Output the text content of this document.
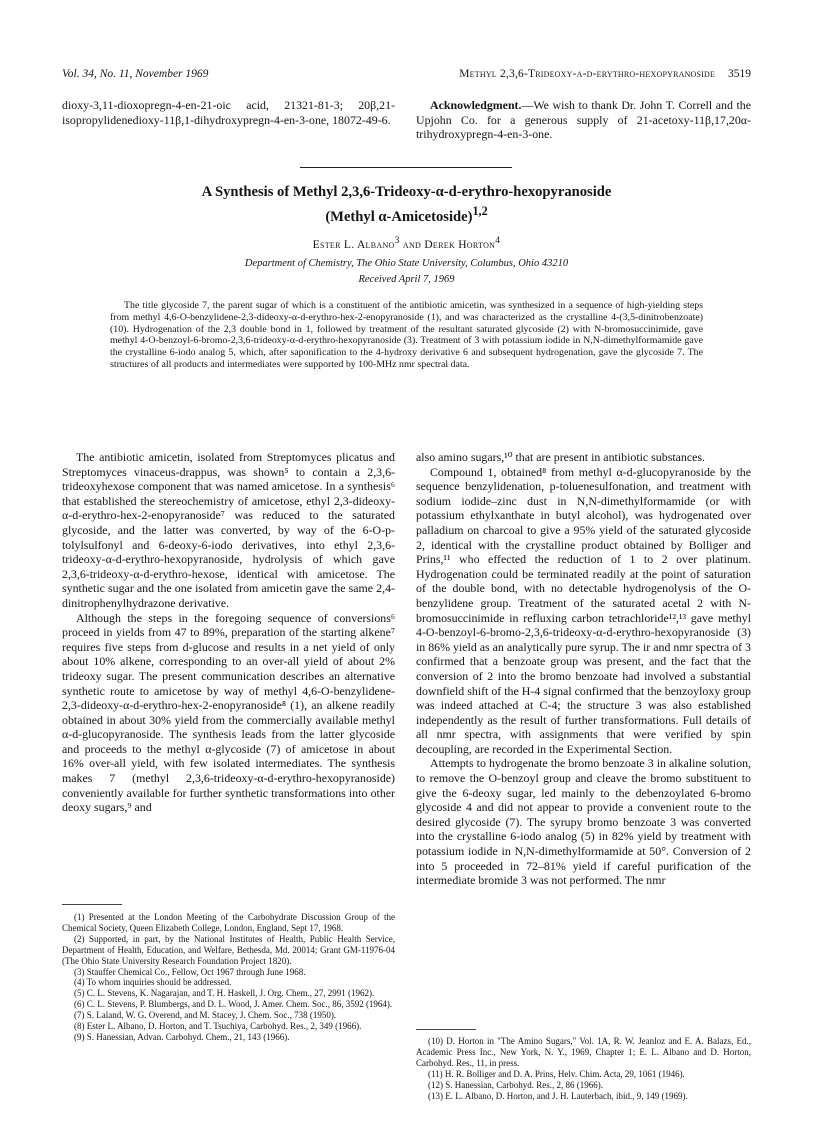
Vol. 34, No. 11, November 1969	Methyl 2,3,6-Trideoxy-α-d-erythro-hexopyranoside 3519

dioxy-3,11-dioxopregn-4-en-21-oic acid, 21321-81-3; 20β,21-isopropylidenedioxy-11β,1-dihydroxypregn-4-en-3-one, 18072-49-6.

Acknowledgment.—We wish to thank Dr. John T. Correll and the Upjohn Co. for a generous supply of 21-acetoxy-11β,17,20α-trihydroxypregn-4-en-3-one.

A Synthesis of Methyl 2,3,6-Trideoxy-α-d-erythro-hexopyranoside
(Methyl α-Amicetoside)$^{1,2}$

Ester L. Albano$^3$ and Derek Horton$^4$
Department of Chemistry, The Ohio State University, Columbus, Ohio 43210
Received April 7, 1969

The title glycoside 7, the parent sugar of which is a constituent of the antibiotic amicetin, was synthesized in a sequence of high-yielding steps from methyl 4,6-O-benzylidene-2,3-dideoxy-α-d-erythro-hex-2-enopyranoside (1), and was characterized as the crystalline 4-(3,5-dinitrobenzoate) (10). Hydrogenation of the 2,3 double bond in 1, followed by treatment of the resultant saturated glycoside (2) with N-bromosuccinimide, gave methyl 4-O-benzoyl-6-bromo-2,3,6-trideoxy-α-d-erythro-hexopyranoside (3). Treatment of 3 with potassium iodide in N,N-dimethylformamide gave the crystalline 6-iodo analog 5, which, after saponification to the 4-hydroxy derivative 6 and subsequent hydrogenation, gave the glycoside 7. The structures of all products and intermediates were supported by 100-MHz nmr spectral data.

The antibiotic amicetin, isolated from Streptomyces plicatus and Streptomyces vinaceus-drappus, was shown⁵ to contain a 2,3,6-trideoxyhexose component that was named amicetose. In a synthesis⁶ that established the stereochemistry of amicetose, ethyl 2,3-dideoxy-α-d-erythro-hex-2-enopyranoside⁷ was reduced to the saturated glycoside, and the latter was converted, by way of the 6-O-p-tolylsulfonyl and 6-deoxy-6-iodo derivatives, into ethyl 2,3,6-trideoxy-α-d-erythro-hexopyranoside, hydrolysis of which gave 2,3,6-trideoxy-α-d-erythro-hexose, identical with amicetose. The synthetic sugar and the one isolated from amicetin gave the same 2,4-dinitrophenylhydrazone derivative.

Although the steps in the foregoing sequence of conversions⁶ proceed in yields from 47 to 89%, preparation of the starting alkene⁷ requires five steps from d-glucose and results in a net yield of only about 10% alkene, corresponding to an over-all yield of about 2% trideoxy sugar. The present communication describes an alternative synthetic route to amicetose by way of methyl 4,6-O-benzylidene-2,3-dideoxy-α-d-erythro-hex-2-enopyranoside⁸ (1), an alkene readily obtained in about 30% yield from the commercially available methyl α-d-glucopyranoside. The synthesis leads from the latter glycoside and proceeds to the methyl α-glycoside (7) of amicetose in about 16% over-all yield, with few isolated intermediates. The synthesis makes 7 (methyl 2,3,6-trideoxy-α-d-erythro-hexopyranoside) conveniently available for further synthetic transformations into other deoxy sugars,⁹ and

also amino sugars,¹⁰ that are present in antibiotic substances.

Compound 1, obtained⁸ from methyl α-d-glucopyranoside by the sequence benzylidenation, p-toluenesulfonation, and treatment with sodium iodide–zinc dust in N,N-dimethylformamide (or with potassium ethylxanthate in butyl alcohol), was hydrogenated over palladium on charcoal to give a 95% yield of the saturated glycoside 2, identical with the crystalline product obtained by Bolliger and Prins,¹¹ who effected the reduction of 1 to 2 over platinum. Hydrogenation could be terminated readily at the point of saturation of the double bond, with no detectable hydrogenolysis of the O-benzylidene group. Treatment of the saturated acetal 2 with N-bromosuccinimide in refluxing carbon tetrachloride¹²,¹³ gave methyl 4-O-benzoyl-6-bromo-2,3,6-trideoxy-α-d-erythro-hexopyranoside (3) in 86% yield as an analytically pure syrup. The ir and nmr spectra of 3 confirmed that a benzoate group was present, and the fact that the conversion of 2 into the bromo benzoate had involved a substantial downfield shift of the H-4 signal confirmed that the benzoyloxy group was indeed attached at C-4; the structure 3 was also established independently as the result of further transformations. Full details of all nmr spectra, with assignments that were verified by spin decoupling, are recorded in the Experimental Section.

Attempts to hydrogenate the bromo benzoate 3 in alkaline solution, to remove the O-benzoyl group and cleave the bromo substituent to give the 6-deoxy sugar, led mainly to the debenzoylated 6-bromo glycoside 4 and did not appear to provide a convenient route to the desired glycoside (7). The syrupy bromo benzoate 3 was converted into the crystalline 6-iodo analog (5) in 82% yield by treatment with potassium iodide in N,N-dimethylformamide at 50°. Conversion of 2 into 5 proceeded in 72–81% yield if careful purification of the intermediate bromide 3 was not performed. The nmr

(1) Presented at the London Meeting of the Carbohydrate Discussion Group of the Chemical Society, Queen Elizabeth College, London, England, Sept 17, 1968.

(2) Supported, in part, by the National Institutes of Health, Public Health Service, Department of Health, Education, and Welfare, Bethesda, Md. 20014; Grant GM-11976-04 (The Ohio State University Research Foundation Project 1820).

(3) Stauffer Chemical Co., Fellow, Oct 1967 through June 1968.

(4) To whom inquiries should be addressed.

(5) C. L. Stevens, K. Nagarajan, and T. H. Haskell, J. Org. Chem., 27, 2991 (1962).

(6) C. L. Stevens, P. Blumbergs, and D. L. Wood, J. Amer. Chem. Soc., 86, 3592 (1964).

(7) S. Laland, W. G. Overend, and M. Stacey, J. Chem. Soc., 738 (1950).

(8) Ester L. Albano, D. Horton, and T. Tsuchiya, Carbohyd. Res., 2, 349 (1966).

(9) S. Hanessian, Advan. Carbohyd. Chem., 21, 143 (1966).	(10) D. Horton in "The Amino Sugars," Vol. 1A, R. W. Jeanloz and E. A. Balazs, Ed., Academic Press Inc., New York, N. Y., 1969, Chapter 1; E. L. Albano and D. Horton, Carbohyd. Res., 11, in press.

(11) H. R. Bolliger and D. A. Prins, Helv. Chim. Acta, 29, 1061 (1946).

(12) S. Hanessian, Carbohyd. Res., 2, 86 (1966).

(13) E. L. Albano, D. Horton, and J. H. Lauterbach, ibid., 9, 149 (1969).
